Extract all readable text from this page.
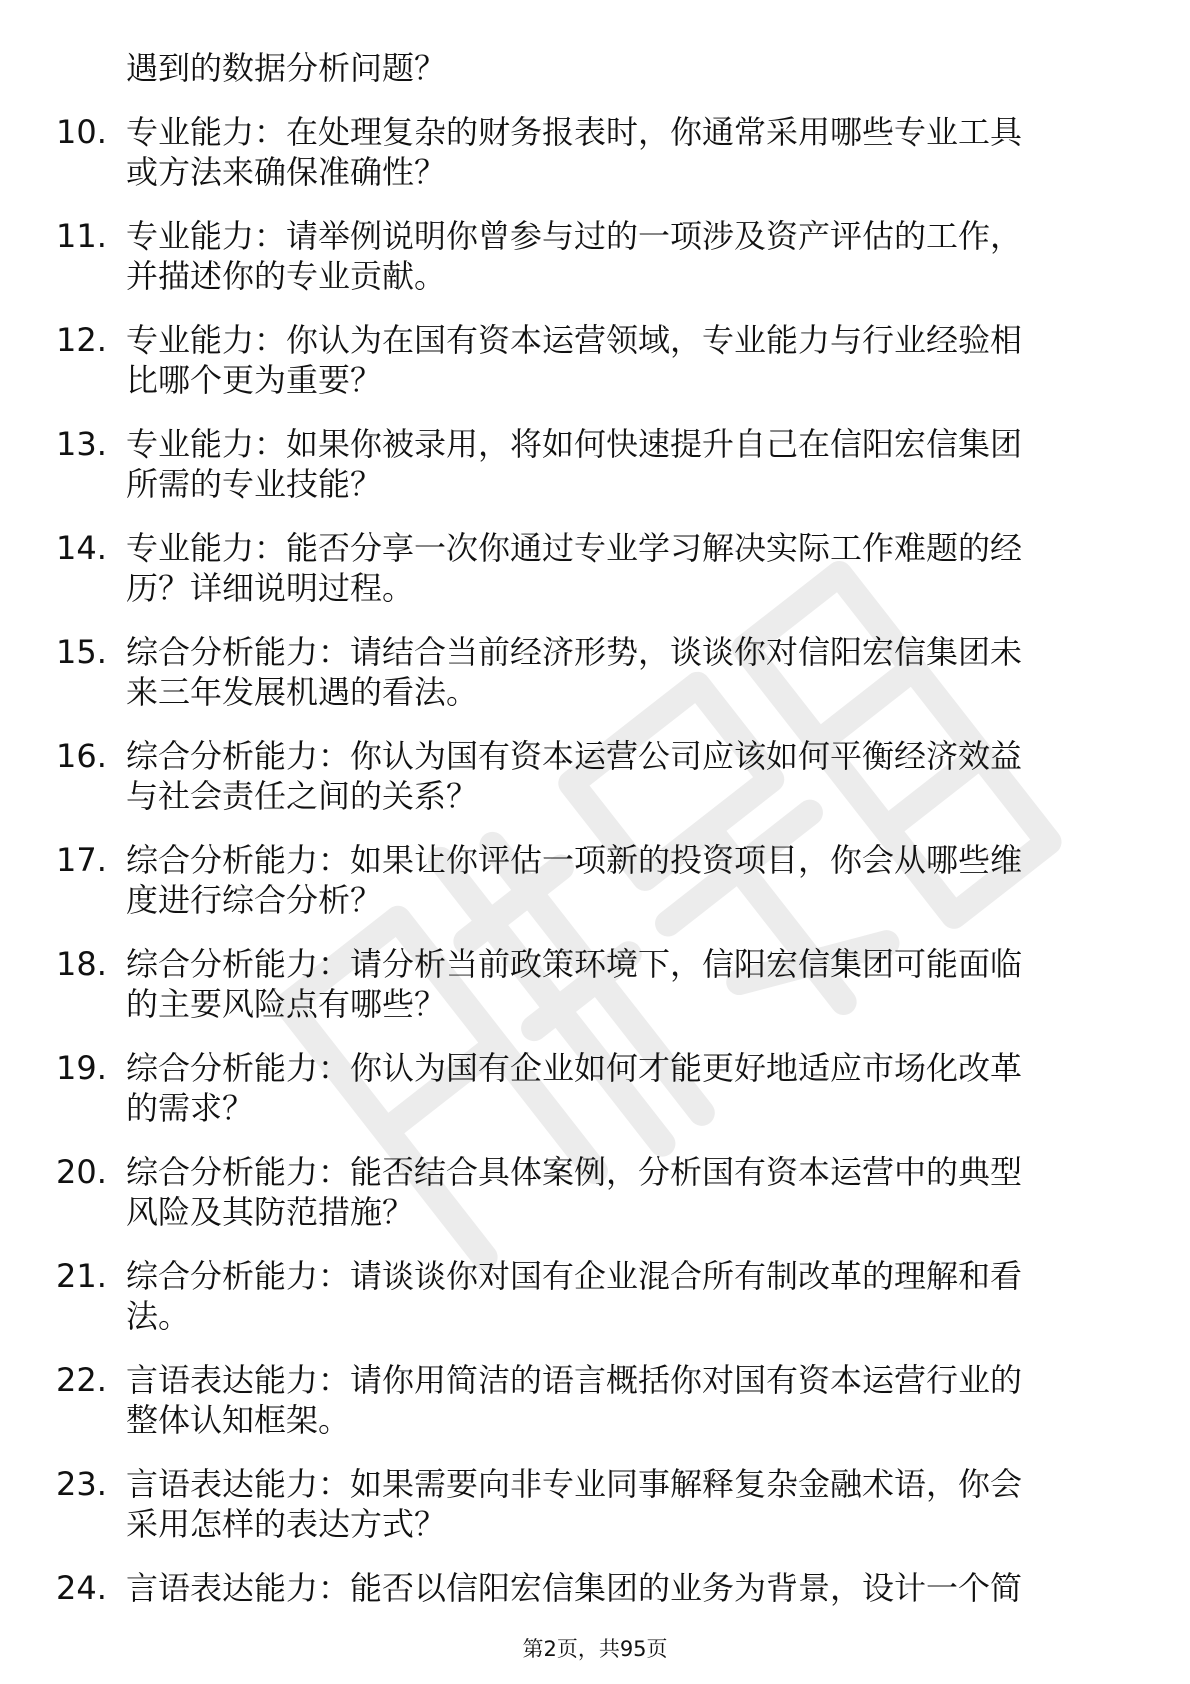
遇到的数据分析问题？
10. 专业能力：在处理复杂的财务报表时，你通常采用哪些专业工具
或方法来确保准确性？
11. 专业能力：请举例说明你曾参与过的一项涉及资产评估的工作，
并描述你的专业贡献。
12. 专业能力：你认为在国有资本运营领域，专业能力与行业经验相
比哪个更为重要？
13. 专业能力：如果你被录用，将如何快速提升自己在信阳宏信集团
所需的专业技能？
14. 专业能力：能否分享一次你通过专业学习解决实际工作难题的经
历？详细说明过程。
15. 综合分析能力：请结合当前经济形势，谈谈你对信阳宏信集团未
来三年发展机遇的看法。
16. 综合分析能力：你认为国有资本运营公司应该如何平衡经济效益
与社会责任之间的关系？
17. 综合分析能力：如果让你评估一项新的投资项目，你会从哪些维
度进行综合分析？
18. 综合分析能力：请分析当前政策环境下，信阳宏信集团可能面临
的主要风险点有哪些？
19. 综合分析能力：你认为国有企业如何才能更好地适应市场化改革
的需求？
20. 综合分析能力：能否结合具体案例，分析国有资本运营中的典型
风险及其防范措施？
21. 综合分析能力：请谈谈你对国有企业混合所有制改革的理解和看
法。
22. 言语表达能力：请你用简洁的语言概括你对国有资本运营行业的
整体认知框架。
23. 言语表达能力：如果需要向非专业同事解释复杂金融术语，你会
采用怎样的表达方式？
24. 言语表达能力：能否以信阳宏信集团的业务为背景，设计一个简
第2页，共95页
